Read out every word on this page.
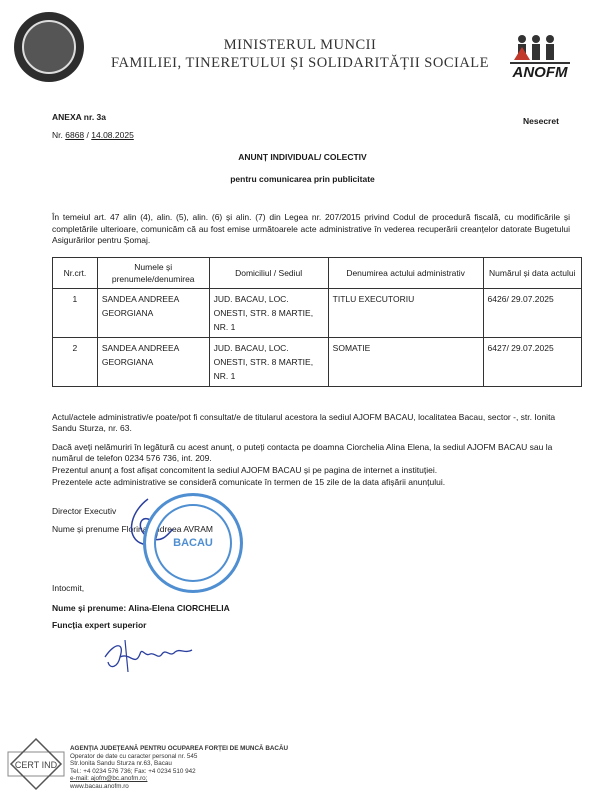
MINISTERUL MUNCII
FAMILIEI, TINERETULUI ȘI SOLIDARITĂȚII SOCIALE
ANOFM
ANEXA nr. 3a
Nr. 6868 / 14.08.2025
Nesecret
ANUNȚ INDIVIDUAL/ COLECTIV
pentru comunicarea prin publicitate
În temeiul art. 47 alin (4), alin. (5), alin. (6) și alin. (7) din Legea nr. 207/2015 privind Codul de procedură fiscală, cu modificările și completările ulterioare, comunicăm că au fost emise următoarele acte administrative în vederea recuperării creanțelor datorate Bugetului Asigurărilor pentru Șomaj.
Nr.crt.	Numele și prenumele/denumirea	Domiciliul / Sediul	Denumirea actului administrativ	Numărul și data actului
1	SANDEA ANDREEA GEORGIANA	JUD. BACAU, LOC. ONESTI, STR. 8 MARTIE, NR. 1	TITLU EXECUTORIU	6426/ 29.07.2025
2	SANDEA ANDREEA GEORGIANA	JUD. BACAU, LOC. ONESTI, STR. 8 MARTIE, NR. 1	SOMATIE	6427/ 29.07.2025
Actul/actele administrativ/e poate/pot fi consultat/e de titularul acestora la sediul AJOFM BACAU, localitatea Bacau, sector -, str. Ionita Sandu Sturza, nr. 63.
Dacă aveți nelămuriri în legătură cu acest anunț, o puteți contacta pe doamna Ciorchelia Alina Elena, la sediul AJOFM BACAU sau la numărul de telefon 0234 576 736, int. 209.
Prezentul anunț a fost afișat concomitent la sediul AJOFM BACAU și pe pagina de internet a instituției.
Prezentele acte administrative se consideră comunicate în termen de 15 zile de la data afișării anunțului.
Director Executiv
Nume și prenume Florina Andreea AVRAM
BACAU
Intocmit,
Nume și prenume: Alina-Elena CIORCHELIA
Funcția expert superior
CERT IND
AGENȚIA JUDEȚEANĂ PENTRU OCUPAREA FORȚEI DE MUNCĂ BACĂU
Operator de date cu caracter personal nr. 545
Str.Ionita Sandu Sturza nr.63, Bacau
Tel.: +4 0234 576 736; Fax: +4 0234 510 942
e-mail: ajofm@bc.anofm.ro;
www.bacau.anofm.ro
